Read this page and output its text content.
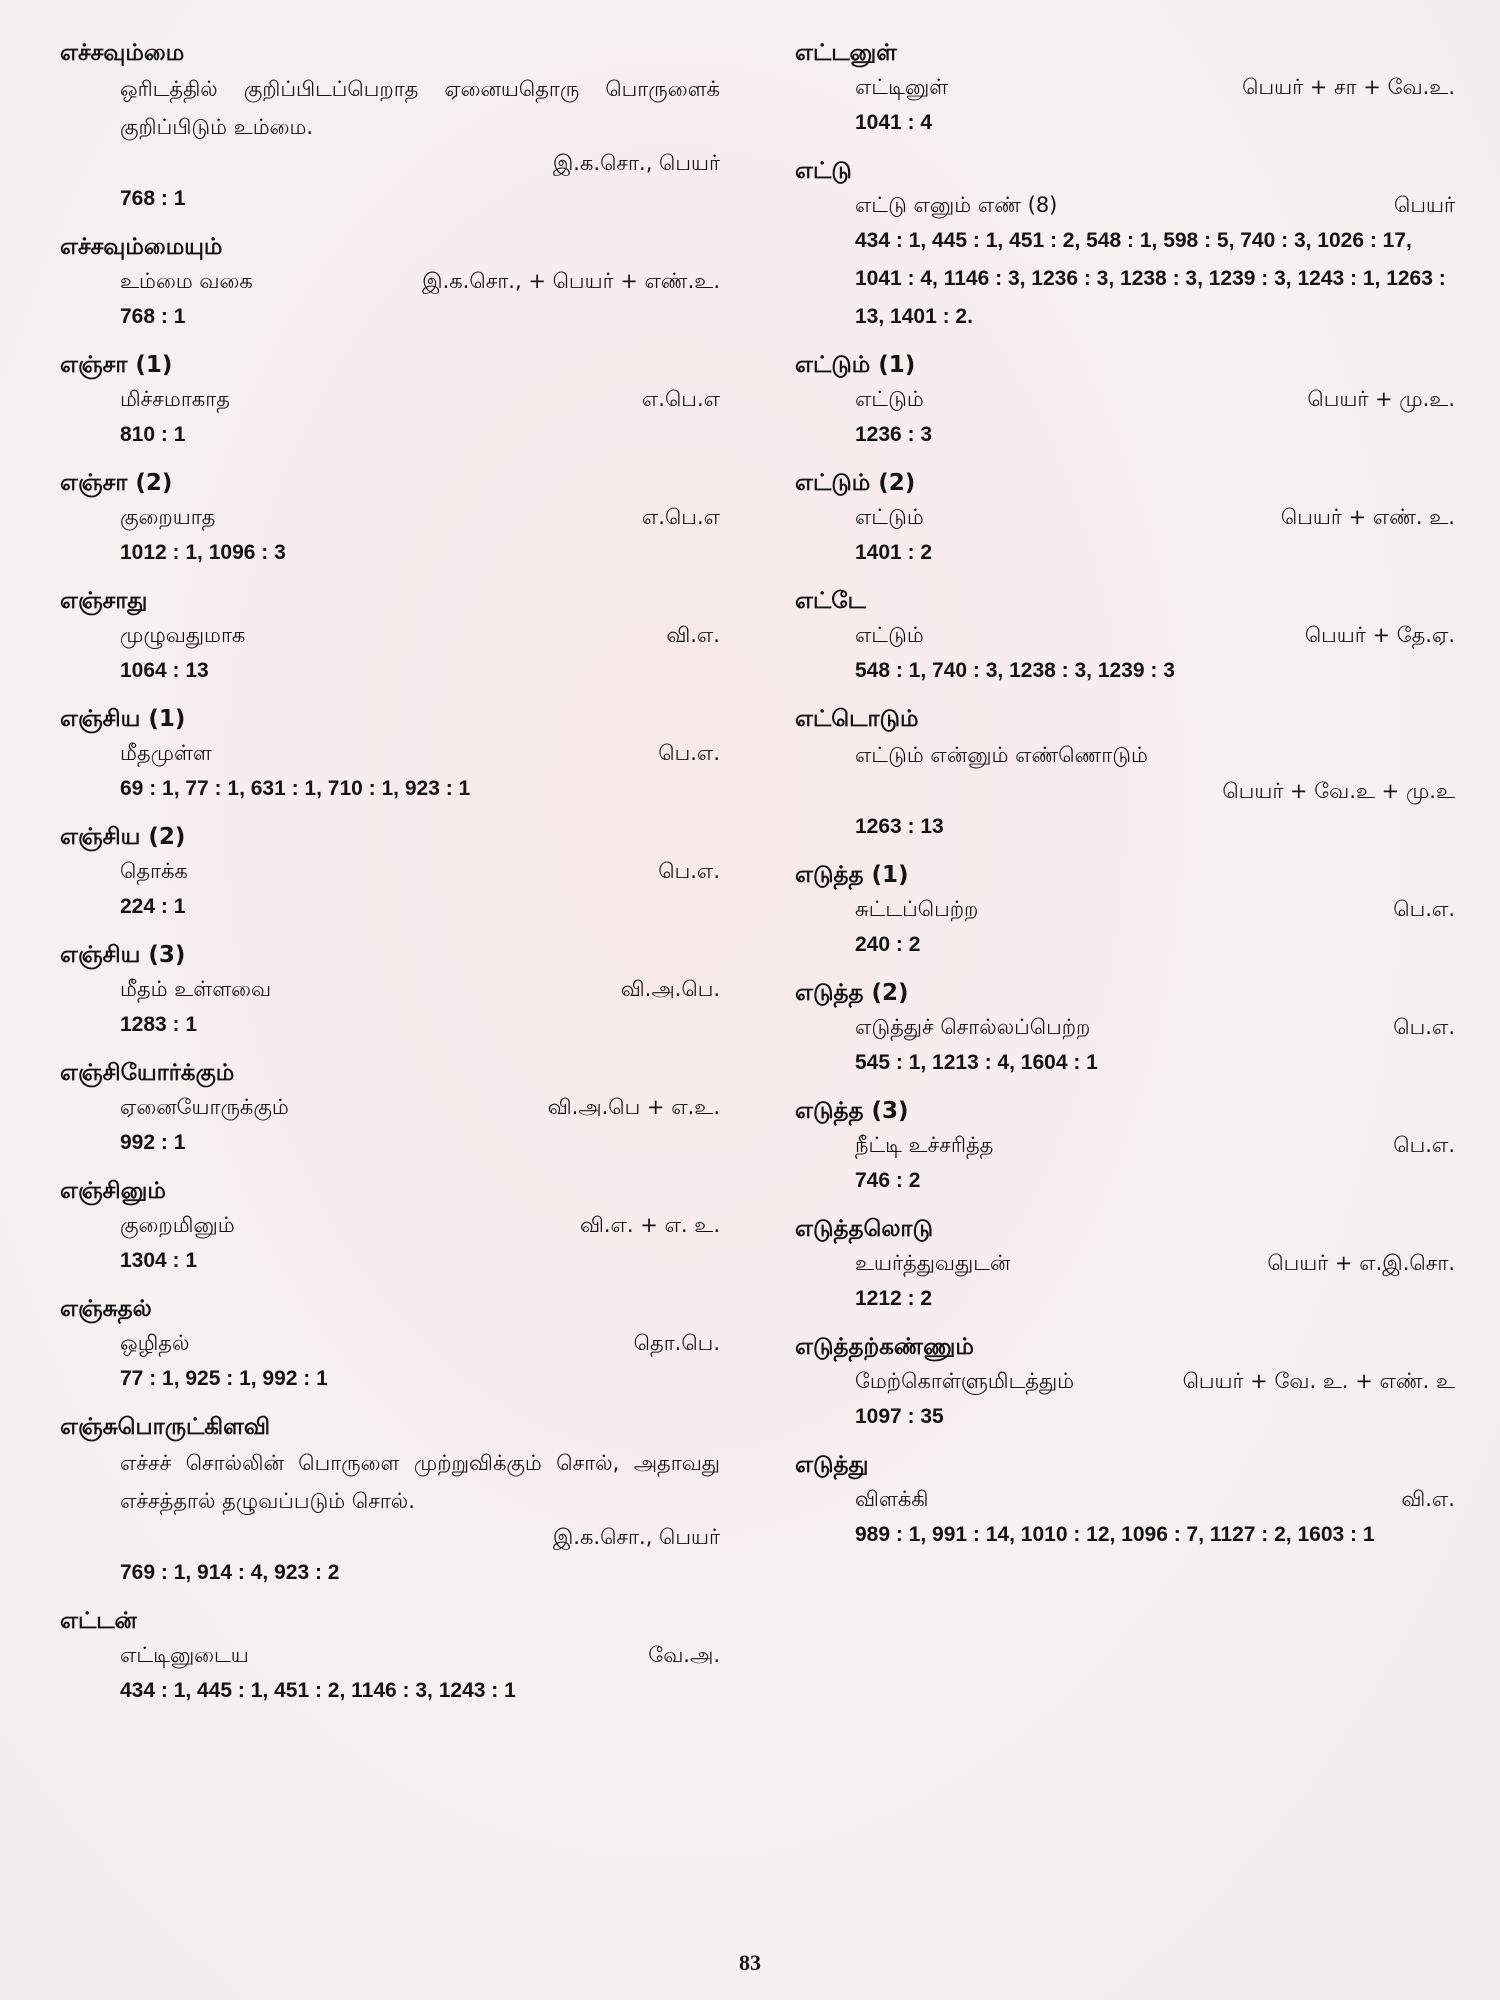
எச்சவும்மை

ஒரிடத்தில் குறிப்பிடப்பெறாத ஏனையதொரு பொருளைக் குறிப்பிடும் உம்மை.
இ.க.சொ., பெயர்
768 : 1

எச்சவும்மையும்

உம்மை வகை	இ.க.சொ., + பெயர் + எண்.உ.
768 : 1

எஞ்சா (1)

மிச்சமாகாத	எ.பெ.எ
810 : 1

எஞ்சா (2)

குறையாத	எ.பெ.எ
1012 : 1, 1096 : 3

எஞ்சாது

முழுவதுமாக	வி.எ.
1064 : 13

எஞ்சிய (1)

மீதமுள்ள	பெ.எ.
69 : 1, 77 : 1, 631 : 1, 710 : 1, 923 : 1

எஞ்சிய (2)

தொக்க	பெ.எ.
224 : 1

எஞ்சிய (3)

மீதம் உள்ளவை	வி.அ.பெ.
1283 : 1

எஞ்சியோர்க்கும்

ஏனையோருக்கும்	வி.அ.பெ + எ.உ.
992 : 1

எஞ்சினும்

குறைமினும்	வி.எ. + எ. உ.
1304 : 1

எஞ்சுதல்

ஒழிதல்	தொ.பெ.
77 : 1, 925 : 1, 992 : 1

எஞ்சுபொருட்கிளவி

எச்சச் சொல்லின் பொருளை முற்றுவிக்கும் சொல், அதாவது எச்சத்தால் தழுவப்படும் சொல்.
இ.க.சொ., பெயர்
769 : 1, 914 : 4, 923 : 2

எட்டன்

எட்டினுடைய	வே.அ.
434 : 1, 445 : 1, 451 : 2, 1146 : 3, 1243 : 1

எட்டனுள்

எட்டினுள்	பெயர் + சா + வே.உ.
1041 : 4

எட்டு

எட்டு எனும் எண் (8)	பெயர்
434 : 1, 445 : 1, 451 : 2, 548 : 1, 598 : 5, 740 : 3, 1026 : 17, 1041 : 4, 1146 : 3, 1236 : 3, 1238 : 3, 1239 : 3, 1243 : 1, 1263 : 13, 1401 : 2.

எட்டும் (1)

எட்டும்	பெயர் + மு.உ.
1236 : 3

எட்டும் (2)

எட்டும்	பெயர் + எண். உ.
1401 : 2

எட்டே

எட்டும்	பெயர் + தே.ஏ.
548 : 1, 740 : 3, 1238 : 3, 1239 : 3

எட்டொடும்

எட்டும் என்னும் எண்ணொடும்
பெயர் + வே.உ + மு.உ
1263 : 13

எடுத்த (1)

சுட்டப்பெற்ற	பெ.எ.
240 : 2

எடுத்த (2)

எடுத்துச் சொல்லப்பெற்ற	பெ.எ.
545 : 1, 1213 : 4, 1604 : 1

எடுத்த (3)

நீட்டி உச்சரித்த	பெ.எ.
746 : 2

எடுத்தலொடு

உயர்த்துவதுடன்	பெயர் + எ.இ.சொ.
1212 : 2

எடுத்தற்கண்ணும்

மேற்கொள்ளுமிடத்தும்	பெயர் + வே. உ. + எண். உ
1097 : 35

எடுத்து

விளக்கி	வி.எ.
989 : 1, 991 : 14, 1010 : 12, 1096 : 7, 1127 : 2, 1603 : 1
83
